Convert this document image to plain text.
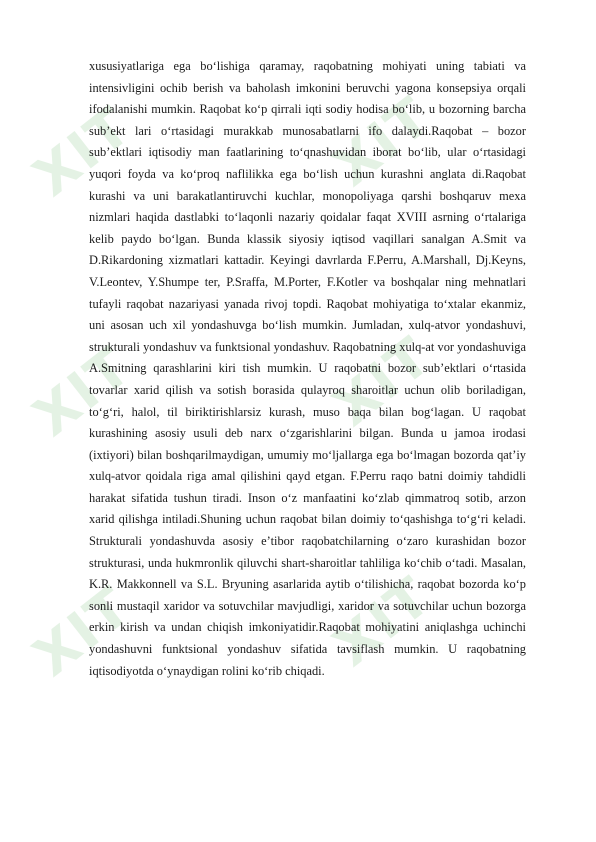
XIT	XIT
XIT	XIT
XIT	XIT

xususiyatlariga ega bo‘lishiga qaramay, raqobatning mohiyati uning tabiati va intensivligini ochib berish va baholash imkonini beruvchi yagona konsepsiya orqali ifodalanishi mumkin. Raqobat ko‘p qirrali iqti sodiy hodisa bo‘lib, u bozorning barcha sub’ekt lari o‘rtasidagi murakkab munosabatlarni ifo dalaydi.Raqobat – bozor sub’ektlari iqtisodiy man faatlarining to‘qnashuvidan iborat bo‘lib, ular o‘rtasidagi yuqori foyda va ko‘proq naflilikka ega bo‘lish uchun kurashni anglata di.Raqobat kurashi va uni barakatlantiruvchi kuchlar, monopoliyaga qarshi boshqaruv mexa nizmlari haqida dastlabki to‘laqonli nazariy qoidalar faqat XVIII asrning o‘rtalariga kelib paydo bo‘lgan. Bunda klassik siyosiy iqtisod vaqillari sanalgan A.Smit va D.Rikardoning xizmatlari kattadir. Keyingi davrlarda F.Perru, A.Marshall, Dj.Keyns, V.Leontev, Y.Shumpe ter, P.Sraffa, M.Porter, F.Kotler va boshqalar ning mehnatlari tufayli raqobat nazariyasi yanada rivoj topdi. Raqobat mohiyatiga to‘xtalar ekanmiz, uni asosan uch xil yondashuvga bo‘lish mumkin. Jumladan, xulq-atvor yondashuvi, strukturali yondashuv va funktsional yondashuv. Raqobatning xulq-at vor yondashuviga A.Smitning qarashlarini kiri tish mumkin. U raqobatni bozor sub’ektlari o‘rtasida tovarlar xarid qilish va sotish borasida qulayroq sharoitlar uchun olib boriladigan, to‘g‘ri, halol, til biriktirishlarsiz kurash, muso baqa bilan bog‘lagan. U raqobat kurashining asosiy usuli deb narx o‘zgarishlarini bilgan. Bunda u jamoa irodasi (ixtiyori) bilan boshqarilmaydigan, umumiy mo‘ljallarga ega bo‘lmagan bozorda qat’iy xulq-atvor qoidala riga amal qilishini qayd etgan. F.Perru raqo batni doimiy tahdidli harakat sifatida tushun tiradi. Inson o‘z manfaatini ko‘zlab qimmatroq sotib, arzon xarid qilishga intiladi.Shuning uchun raqobat bilan doimiy to‘qashishga to‘g‘ri keladi. Strukturali yondashuvda asosiy e’tibor raqobatchilarning o‘zaro kurashidan bozor strukturasi, unda hukmronlik qiluvchi shart-sharoitlar tahliliga ko‘chib o‘tadi. Masalan, K.R. Makkonnell va S.L. Bryuning asarlarida aytib o‘tilishicha, raqobat bozorda ko‘p sonli mustaqil xaridor va sotuvchilar mavjudligi, xaridor va sotuvchilar uchun bozorga erkin kirish va undan chiqish imkoniyatidir.Raqobat mohiyatini aniqlashga uchinchi yondashuvni funktsional yondashuv sifatida tavsiflash mumkin. U raqobatning iqtisodiyotda o‘ynaydigan rolini ko‘rib chiqadi.
